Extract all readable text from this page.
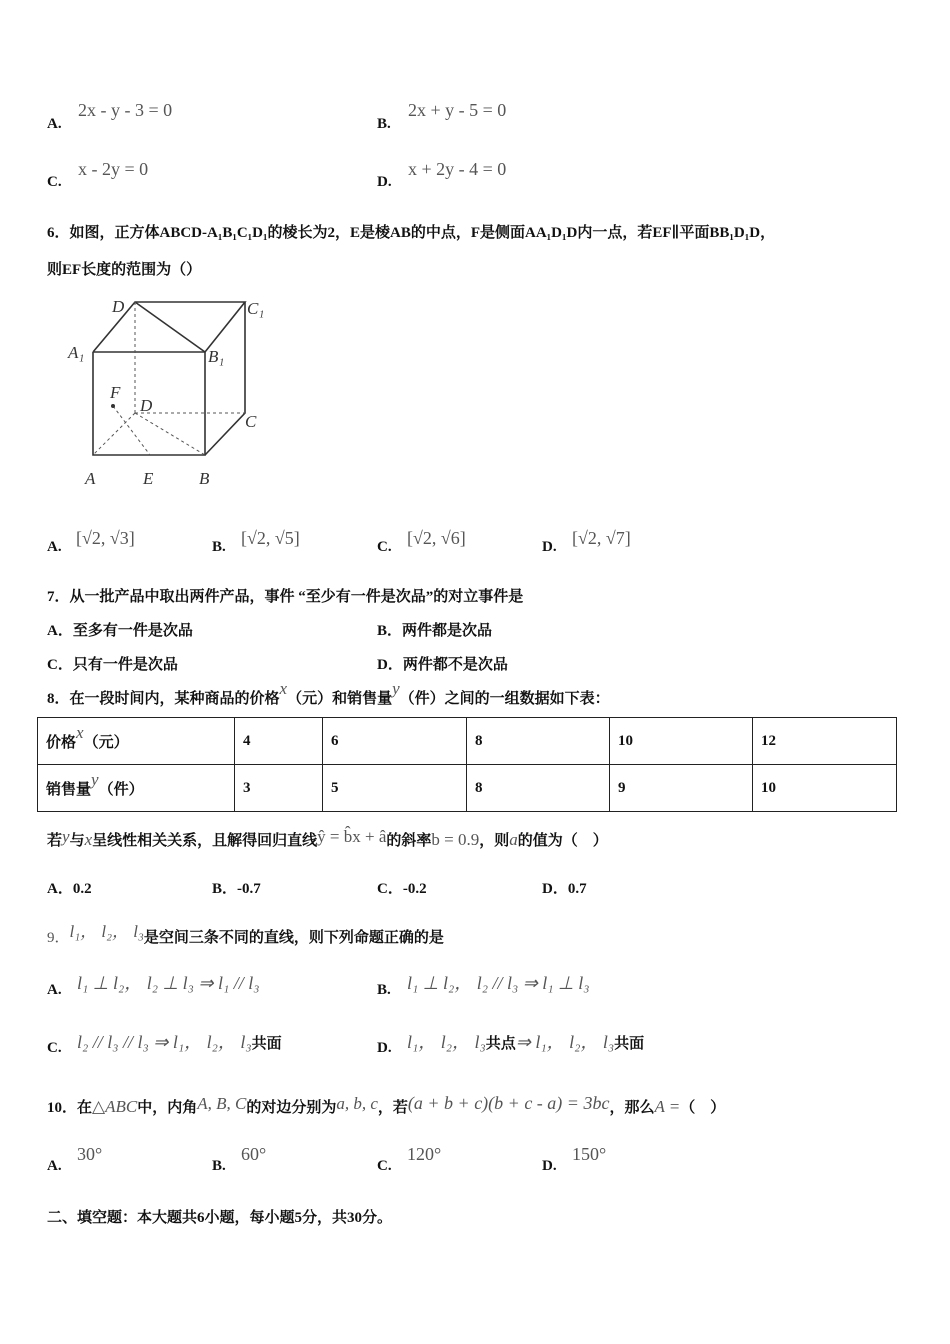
A.
2x - y - 3 = 0
B.
2x + y - 5 = 0
C.
x - 2y = 0
D.
x + 2y - 4 = 0
6．如图，正方体ABCD-A₁B₁C₁D₁的棱长为2，E是棱AB的中点，F是侧面AA₁D₁D内一点，若EF∥平面BB₁D₁D，
则EF长度的范围为（）
D	C₁
A₁	B₁
F
D
C
A	E	B
A. [√2, √3]	B. [√2, √5]	C. [√2, √6]	D. [√2, √7]
7．从一批产品中取出两件产品，事件 “至少有一件是次品”的对立事件是
A．至多有一件是次品	B．两件都是次品
C．只有一件是次品	D．两件都不是次品
8．在一段时间内，某种商品的价格x（元）和销售量y（件）之间的一组数据如下表：
价格x（元）	4	6	8	10	12
销售量y（件）	3	5	8	9	10
若y与x呈线性相关关系，且解得回归直线ŷ = b̂x + â的斜率b = 0.9，则a的值为（　）
A．0.2	B．-0.7	C．-0.2	D．0.7
9．l₁， l₂， l₃是空间三条不同的直线，则下列命题正确的是
A. l₁ ⊥ l₂， l₂ ⊥ l₃ ⇒ l₁ // l₃	B. l₁ ⊥ l₂， l₂ // l₃ ⇒ l₁ ⊥ l₃
C. l₂ // l₃ // l₃ ⇒ l₁， l₂， l₃共面	D. l₁， l₂， l₃共点⇒ l₁， l₂， l₃共面
10．在△ABC中，内角A, B, C的对边分别为a, b, c，若(a + b + c)(b + c - a) = 3bc，那么A =（　）
A.
30°
B.
60°
C.
120°
D.
150°
二、填空题：本大题共6小题，每小题5分，共30分。
